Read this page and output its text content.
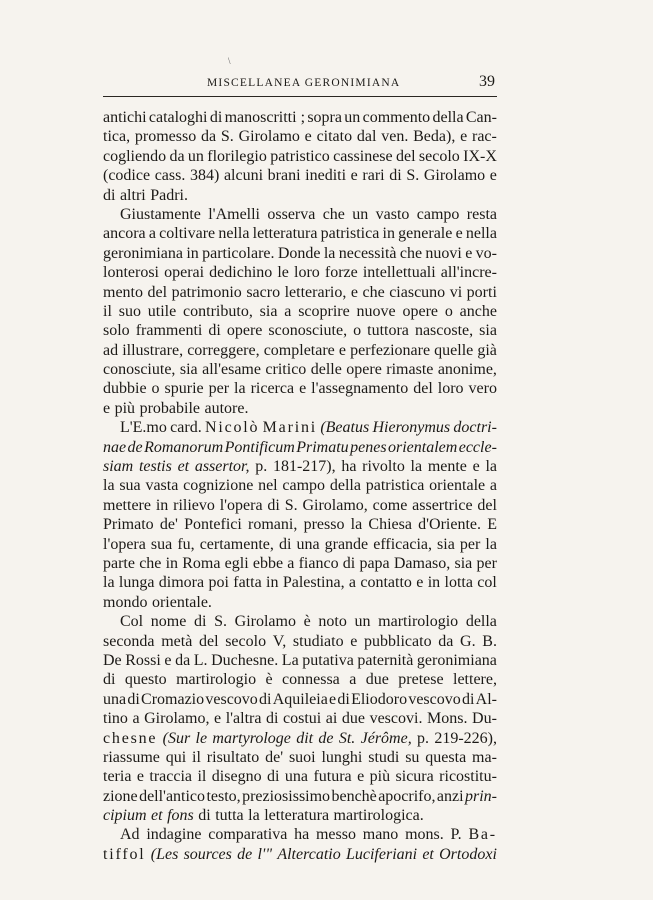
\
MISCELLANEA GERONIMIANA	39
antichi cataloghi di manoscritti ; sopra un commento della Can-
tica, promesso da S. Girolamo e citato dal ven. Beda), e rac-
cogliendo da un florilegio patristico cassinese del secolo IX-X
(codice cass. 384) alcuni brani inediti e rari di S. Girolamo e
di altri Padri.
Giustamente l'Amelli osserva che un vasto campo resta
ancora a coltivare nella letteratura patristica in generale e nella
geronimiana in particolare. Donde la necessità che nuovi e vo-
lonterosi operai dedichino le loro forze intellettuali all'incre-
mento del patrimonio sacro letterario, e che ciascuno vi porti
il suo utile contributo, sia a scoprire nuove opere o anche
solo frammenti di opere sconosciute, o tuttora nascoste, sia
ad illustrare, correggere, completare e perfezionare quelle già
conosciute, sia all'esame critico delle opere rimaste anonime,
dubbie o spurie per la ricerca e l'assegnamento del loro vero
e più probabile autore.
L'E.mo card. Nicolò Marini (Beatus Hieronymus doctri-
nae de Romanorum Pontificum Primatu penes orientalem eccle-
siam testis et assertor, p. 181-217), ha rivolto la mente e la
la sua vasta cognizione nel campo della patristica orientale a
mettere in rilievo l'opera di S. Girolamo, come assertrice del
Primato de' Pontefici romani, presso la Chiesa d'Oriente. E
l'opera sua fu, certamente, di una grande efficacia, sia per la
parte che in Roma egli ebbe a fianco di papa Damaso, sia per
la lunga dimora poi fatta in Palestina, a contatto e in lotta col
mondo orientale.
Col nome di S. Girolamo è noto un martirologio della
seconda metà del secolo V, studiato e pubblicato da G. B.
De Rossi e da L. Duchesne. La putativa paternità geronimiana
di questo martirologio è connessa a due pretese lettere,
una di Cromazio vescovo di Aquileia e di Eliodoro vescovo di Al-
tino a Girolamo, e l'altra di costui ai due vescovi. Mons. Du-
chesne (Sur le martyrologe dit de St. Jérôme, p. 219-226),
riassume qui il risultato de' suoi lunghi studi su questa ma-
teria e traccia il disegno di una futura e più sicura ricostitu-
zione dell'antico testo, preziosissimo benchè apocrifo, anzi prin-
cipium et fons di tutta la letteratura martirologica.
Ad indagine comparativa ha messo mano mons. P. Ba-
tiffol (Les sources de l'" Altercatio Luciferiani et Ortodoxi
